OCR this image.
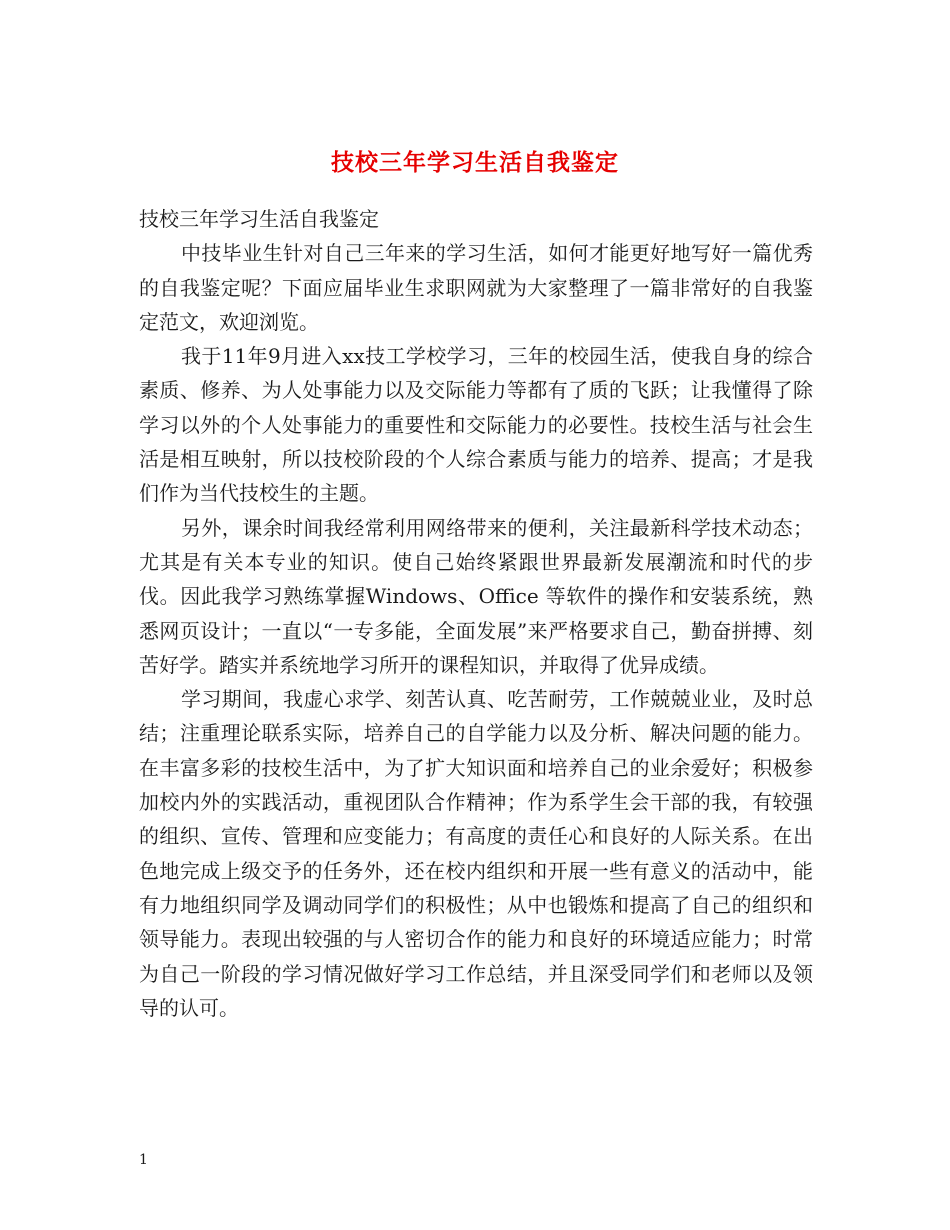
技校三年学习生活自我鉴定

技校三年学习生活自我鉴定

中技毕业生针对自己三年来的学习生活，如何才能更好地写好一篇优秀的自我鉴定呢？下面应届毕业生求职网就为大家整理了一篇非常好的自我鉴定范文，欢迎浏览。

我于11年9月进入xx技工学校学习，三年的校园生活，使我自身的综合素质、修养、为人处事能力以及交际能力等都有了质的飞跃；让我懂得了除学习以外的个人处事能力的重要性和交际能力的必要性。技校生活与社会生活是相互映射，所以技校阶段的个人综合素质与能力的培养、提高；才是我们作为当代技校生的主题。

另外，课余时间我经常利用网络带来的便利，关注最新科学技术动态；尤其是有关本专业的知识。使自己始终紧跟世界最新发展潮流和时代的步伐。因此我学习熟练掌握Windows、Office 等软件的操作和安装系统，熟悉网页设计；一直以“一专多能，全面发展”来严格要求自己，勤奋拼搏、刻苦好学。踏实并系统地学习所开的课程知识，并取得了优异成绩。

学习期间，我虚心求学、刻苦认真、吃苦耐劳，工作兢兢业业，及时总结；注重理论联系实际，培养自己的自学能力以及分析、解决问题的能力。在丰富多彩的技校生活中，为了扩大知识面和培养自己的业余爱好；积极参加校内外的实践活动，重视团队合作精神；作为系学生会干部的我，有较强的组织、宣传、管理和应变能力；有高度的责任心和良好的人际关系。在出色地完成上级交予的任务外，还在校内组织和开展一些有意义的活动中，能有力地组织同学及调动同学们的积极性；从中也锻炼和提高了自己的组织和领导能力。表现出较强的与人密切合作的能力和良好的环境适应能力；时常为自己一阶段的学习情况做好学习工作总结，并且深受同学们和老师以及领导的认可。

1
